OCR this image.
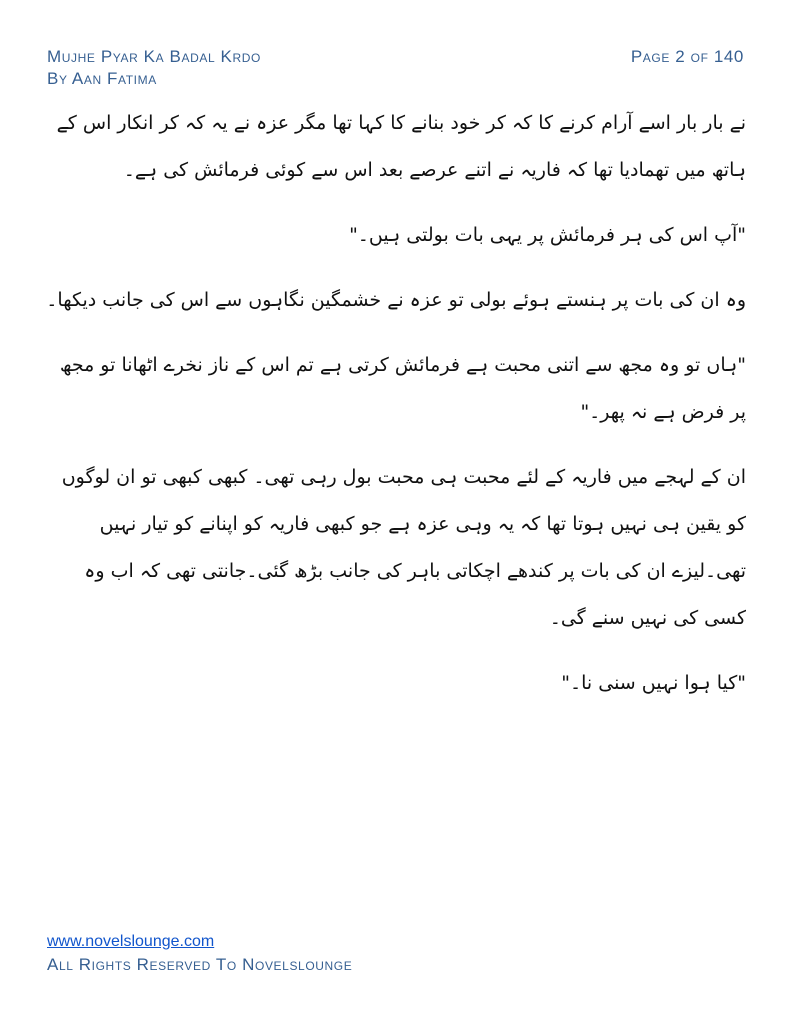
Mujhe Pyar Ka Badal Krdo
By Aan Fatima
Page 2 of 140
نے بار بار اسے آرام کرنے کا کہ کر خود بنانے کا کہا تھا مگر عزہ نے یہ کہ کر انکار اس کے
ہاتھ میں تھمادیا تھا کہ فاریہ نے اتنے عرصے بعد اس سے کوئی فرمائش کی ہے۔
"آپ اس کی ہر فرمائش پر یہی بات بولتی ہیں۔"
وہ ان کی بات پر ہنستے ہوئے بولی تو عزہ نے خشمگین نگاہوں سے اس کی جانب دیکھا۔
"ہاں تو وہ مجھ سے اتنی محبت ہے فرمائش کرتی ہے تم اس کے ناز نخرے اٹھانا تو مجھ
پر فرض ہے نہ پھر۔"
ان کے لہجے میں فاریہ کے لئے محبت ہی محبت بول رہی تھی۔ کبھی کبھی تو ان لوگوں
کو یقین ہی نہیں ہوتا تھا کہ یہ وہی عزہ ہے جو کبھی فاریہ کو اپنانے کو تیار نہیں
تھی۔لیزے ان کی بات پر کندھے اچکاتی باہر کی جانب بڑھ گئی۔جانتی تھی کہ اب وہ
کسی کی نہیں سنے گی۔
"کیا ہوا نہیں سنی نا۔"
www.novelslounge.com
All Rights Reserved To Novelslounge
